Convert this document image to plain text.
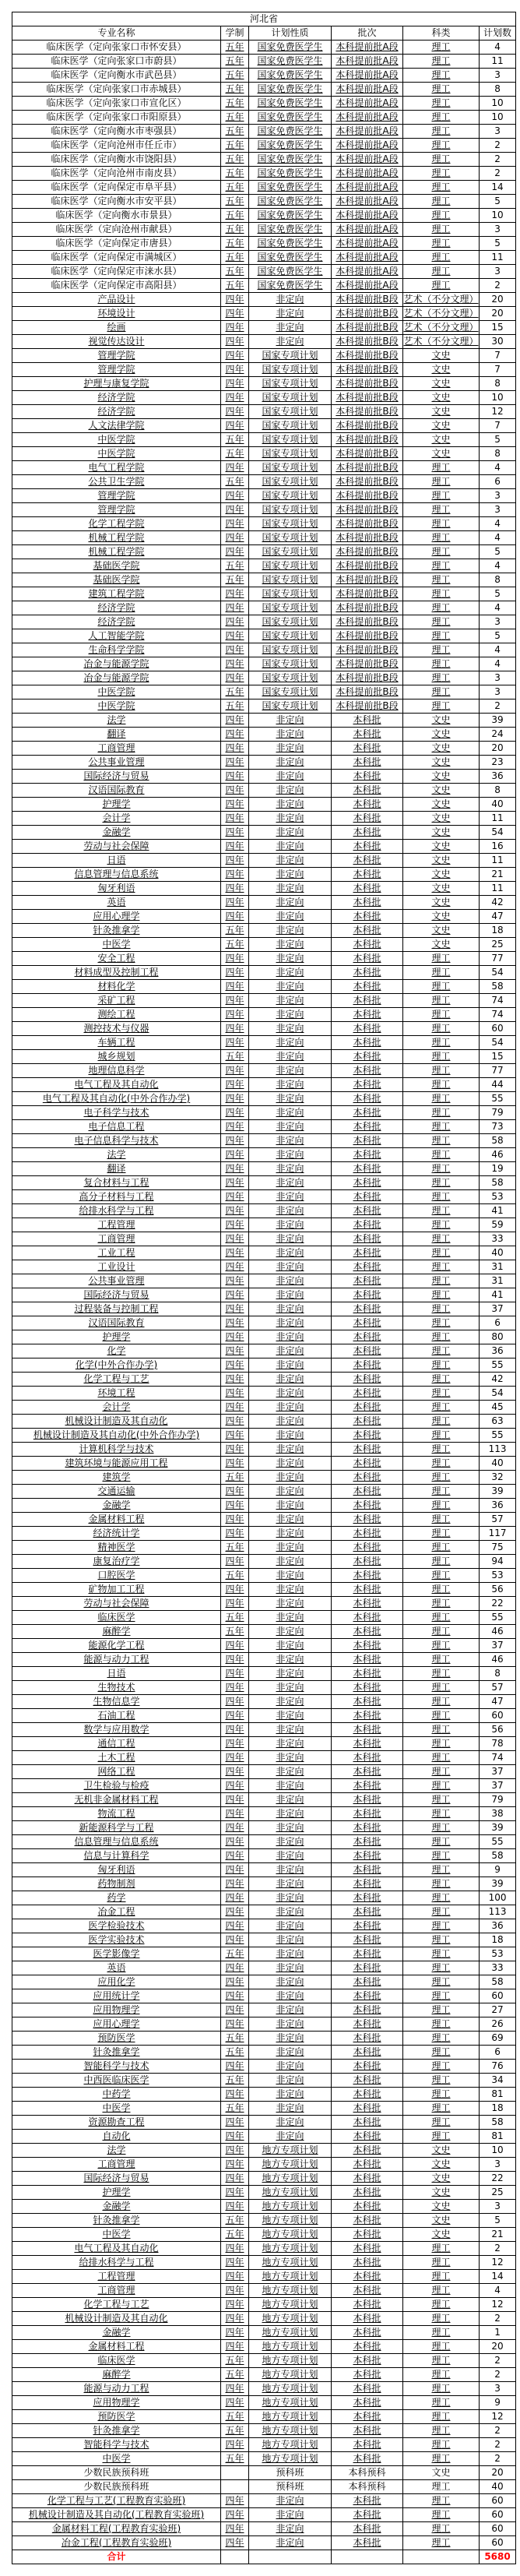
河北省					
专业名称	学制	计划性质	批次	科类	计划数
临床医学（定向张家口市怀安县）	五年	国家免费医学生	本科提前批A段	理工	4
临床医学（定向张家口市蔚县）	五年	国家免费医学生	本科提前批A段	理工	11
临床医学（定向衡水市武邑县）	五年	国家免费医学生	本科提前批A段	理工	3
临床医学（定向张家口市赤城县）	五年	国家免费医学生	本科提前批A段	理工	8
临床医学（定向张家口市宣化区）	五年	国家免费医学生	本科提前批A段	理工	10
临床医学（定向张家口市阳原县）	五年	国家免费医学生	本科提前批A段	理工	10
临床医学（定向衡水市枣强县）	五年	国家免费医学生	本科提前批A段	理工	3
临床医学（定向沧州市任丘市）	五年	国家免费医学生	本科提前批A段	理工	2
临床医学（定向衡水市饶阳县）	五年	国家免费医学生	本科提前批A段	理工	2
临床医学（定向沧州市南皮县）	五年	国家免费医学生	本科提前批A段	理工	2
临床医学（定向保定市阜平县）	五年	国家免费医学生	本科提前批A段	理工	14
临床医学（定向衡水市安平县）	五年	国家免费医学生	本科提前批A段	理工	5
临床医学（定向衡水市景县）	五年	国家免费医学生	本科提前批A段	理工	10
临床医学（定向沧州市献县）	五年	国家免费医学生	本科提前批A段	理工	3
临床医学（定向保定市唐县）	五年	国家免费医学生	本科提前批A段	理工	5
临床医学（定向保定市满城区）	五年	国家免费医学生	本科提前批A段	理工	11
临床医学（定向保定市涞水县）	五年	国家免费医学生	本科提前批A段	理工	3
临床医学（定向保定市高阳县）	五年	国家免费医学生	本科提前批A段	理工	2
产品设计	四年	非定向	本科提前批B段	艺术（不分文理）	20
环境设计	四年	非定向	本科提前批B段	艺术（不分文理）	20
绘画	四年	非定向	本科提前批B段	艺术（不分文理）	15
视觉传达设计	四年	非定向	本科提前批B段	艺术（不分文理）	30
管理学院	四年	国家专项计划	本科提前批B段	文史	7
管理学院	四年	国家专项计划	本科提前批B段	文史	7
护理与康复学院	四年	国家专项计划	本科提前批B段	文史	8
经济学院	四年	国家专项计划	本科提前批B段	文史	10
经济学院	四年	国家专项计划	本科提前批B段	文史	12
人文法律学院	四年	国家专项计划	本科提前批B段	文史	7
中医学院	五年	国家专项计划	本科提前批B段	文史	5
中医学院	五年	国家专项计划	本科提前批B段	文史	8
电气工程学院	四年	国家专项计划	本科提前批B段	理工	4
公共卫生学院	五年	国家专项计划	本科提前批B段	理工	6
管理学院	四年	国家专项计划	本科提前批B段	理工	3
管理学院	四年	国家专项计划	本科提前批B段	理工	3
化学工程学院	四年	国家专项计划	本科提前批B段	理工	4
机械工程学院	四年	国家专项计划	本科提前批B段	理工	4
机械工程学院	四年	国家专项计划	本科提前批B段	理工	5
基础医学院	五年	国家专项计划	本科提前批B段	理工	4
基础医学院	五年	国家专项计划	本科提前批B段	理工	8
建筑工程学院	四年	国家专项计划	本科提前批B段	理工	5
经济学院	四年	国家专项计划	本科提前批B段	理工	4
经济学院	四年	国家专项计划	本科提前批B段	理工	3
人工智能学院	四年	国家专项计划	本科提前批B段	理工	5
生命科学学院	四年	国家专项计划	本科提前批B段	理工	4
冶金与能源学院	四年	国家专项计划	本科提前批B段	理工	4
冶金与能源学院	四年	国家专项计划	本科提前批B段	理工	3
中医学院	五年	国家专项计划	本科提前批B段	理工	3
中医学院	五年	国家专项计划	本科提前批B段	理工	2
法学	四年	非定向	本科批	文史	39
翻译	四年	非定向	本科批	文史	24
工商管理	四年	非定向	本科批	文史	20
公共事业管理	四年	非定向	本科批	文史	23
国际经济与贸易	四年	非定向	本科批	文史	36
汉语国际教育	四年	非定向	本科批	文史	8
护理学	四年	非定向	本科批	文史	40
会计学	四年	非定向	本科批	文史	11
金融学	四年	非定向	本科批	文史	54
劳动与社会保障	四年	非定向	本科批	文史	16
日语	四年	非定向	本科批	文史	11
信息管理与信息系统	四年	非定向	本科批	文史	21
匈牙利语	四年	非定向	本科批	文史	11
英语	四年	非定向	本科批	文史	42
应用心理学	四年	非定向	本科批	文史	47
针灸推拿学	五年	非定向	本科批	文史	18
中医学	五年	非定向	本科批	文史	25
安全工程	四年	非定向	本科批	理工	77
材料成型及控制工程	四年	非定向	本科批	理工	54
材料化学	四年	非定向	本科批	理工	58
采矿工程	四年	非定向	本科批	理工	74
测绘工程	四年	非定向	本科批	理工	74
测控技术与仪器	四年	非定向	本科批	理工	60
车辆工程	四年	非定向	本科批	理工	54
城乡规划	五年	非定向	本科批	理工	15
地理信息科学	四年	非定向	本科批	理工	77
电气工程及其自动化	四年	非定向	本科批	理工	44
电气工程及其自动化(中外合作办学)	四年	非定向	本科批	理工	55
电子科学与技术	四年	非定向	本科批	理工	79
电子信息工程	四年	非定向	本科批	理工	73
电子信息科学与技术	四年	非定向	本科批	理工	58
法学	四年	非定向	本科批	理工	46
翻译	四年	非定向	本科批	理工	19
复合材料与工程	四年	非定向	本科批	理工	58
高分子材料与工程	四年	非定向	本科批	理工	53
给排水科学与工程	四年	非定向	本科批	理工	41
工程管理	四年	非定向	本科批	理工	59
工商管理	四年	非定向	本科批	理工	33
工业工程	四年	非定向	本科批	理工	40
工业设计	四年	非定向	本科批	理工	31
公共事业管理	四年	非定向	本科批	理工	31
国际经济与贸易	四年	非定向	本科批	理工	41
过程装备与控制工程	四年	非定向	本科批	理工	37
汉语国际教育	四年	非定向	本科批	理工	6
护理学	四年	非定向	本科批	理工	80
化学	四年	非定向	本科批	理工	36
化学(中外合作办学)	四年	非定向	本科批	理工	55
化学工程与工艺	四年	非定向	本科批	理工	42
环境工程	四年	非定向	本科批	理工	54
会计学	四年	非定向	本科批	理工	45
机械设计制造及其自动化	四年	非定向	本科批	理工	63
机械设计制造及其自动化(中外合作办学)	四年	非定向	本科批	理工	55
计算机科学与技术	四年	非定向	本科批	理工	113
建筑环境与能源应用工程	四年	非定向	本科批	理工	40
建筑学	五年	非定向	本科批	理工	32
交通运输	四年	非定向	本科批	理工	39
金融学	四年	非定向	本科批	理工	36
金属材料工程	四年	非定向	本科批	理工	57
经济统计学	四年	非定向	本科批	理工	117
精神医学	五年	非定向	本科批	理工	75
康复治疗学	四年	非定向	本科批	理工	94
口腔医学	五年	非定向	本科批	理工	53
矿物加工工程	四年	非定向	本科批	理工	56
劳动与社会保障	四年	非定向	本科批	理工	22
临床医学	五年	非定向	本科批	理工	55
麻醉学	五年	非定向	本科批	理工	46
能源化学工程	四年	非定向	本科批	理工	37
能源与动力工程	四年	非定向	本科批	理工	46
日语	四年	非定向	本科批	理工	8
生物技术	四年	非定向	本科批	理工	57
生物信息学	四年	非定向	本科批	理工	47
石油工程	四年	非定向	本科批	理工	60
数学与应用数学	四年	非定向	本科批	理工	56
通信工程	四年	非定向	本科批	理工	78
土木工程	四年	非定向	本科批	理工	74
网络工程	四年	非定向	本科批	理工	37
卫生检验与检疫	四年	非定向	本科批	理工	37
无机非金属材料工程	四年	非定向	本科批	理工	79
物流工程	四年	非定向	本科批	理工	38
新能源科学与工程	四年	非定向	本科批	理工	39
信息管理与信息系统	四年	非定向	本科批	理工	55
信息与计算科学	四年	非定向	本科批	理工	58
匈牙利语	四年	非定向	本科批	理工	9
药物制剂	四年	非定向	本科批	理工	39
药学	四年	非定向	本科批	理工	100
冶金工程	四年	非定向	本科批	理工	113
医学检验技术	四年	非定向	本科批	理工	36
医学实验技术	四年	非定向	本科批	理工	18
医学影像学	五年	非定向	本科批	理工	53
英语	四年	非定向	本科批	理工	33
应用化学	四年	非定向	本科批	理工	58
应用统计学	四年	非定向	本科批	理工	60
应用物理学	四年	非定向	本科批	理工	27
应用心理学	四年	非定向	本科批	理工	26
预防医学	五年	非定向	本科批	理工	69
针灸推拿学	五年	非定向	本科批	理工	6
智能科学与技术	四年	非定向	本科批	理工	76
中西医临床医学	五年	非定向	本科批	理工	34
中药学	四年	非定向	本科批	理工	81
中医学	五年	非定向	本科批	理工	18
资源勘查工程	四年	非定向	本科批	理工	58
自动化	四年	非定向	本科批	理工	81
法学	四年	地方专项计划	本科批	文史	10
工商管理	四年	地方专项计划	本科批	文史	3
国际经济与贸易	四年	地方专项计划	本科批	文史	22
护理学	四年	地方专项计划	本科批	文史	25
金融学	四年	地方专项计划	本科批	文史	3
针灸推拿学	五年	地方专项计划	本科批	文史	5
中医学	五年	地方专项计划	本科批	文史	21
电气工程及其自动化	四年	地方专项计划	本科批	理工	2
给排水科学与工程	四年	地方专项计划	本科批	理工	12
工程管理	四年	地方专项计划	本科批	理工	14
工商管理	四年	地方专项计划	本科批	理工	4
化学工程与工艺	四年	地方专项计划	本科批	理工	12
机械设计制造及其自动化	四年	地方专项计划	本科批	理工	2
金融学	四年	地方专项计划	本科批	理工	1
金属材料工程	四年	地方专项计划	本科批	理工	20
临床医学	五年	地方专项计划	本科批	理工	2
麻醉学	五年	地方专项计划	本科批	理工	2
能源与动力工程	四年	地方专项计划	本科批	理工	3
应用物理学	四年	地方专项计划	本科批	理工	9
预防医学	五年	地方专项计划	本科批	理工	12
针灸推拿学	五年	地方专项计划	本科批	理工	2
智能科学与技术	四年	地方专项计划	本科批	理工	2
中医学	五年	地方专项计划	本科批	理工	2
少数民族预科班		预科班	本科预科	文史	20
少数民族预科班		预科班	本科预科	理工	40
化学工程与工艺(工程教育实验班)	四年	非定向	本科批	理工	60
机械设计制造及其自动化(工程教育实验班)	四年	非定向	本科批	理工	60
金属材料工程(工程教育实验班)	四年	非定向	本科批	理工	60
冶金工程(工程教育实验班)	四年	非定向	本科批	理工	60
合计					5680
